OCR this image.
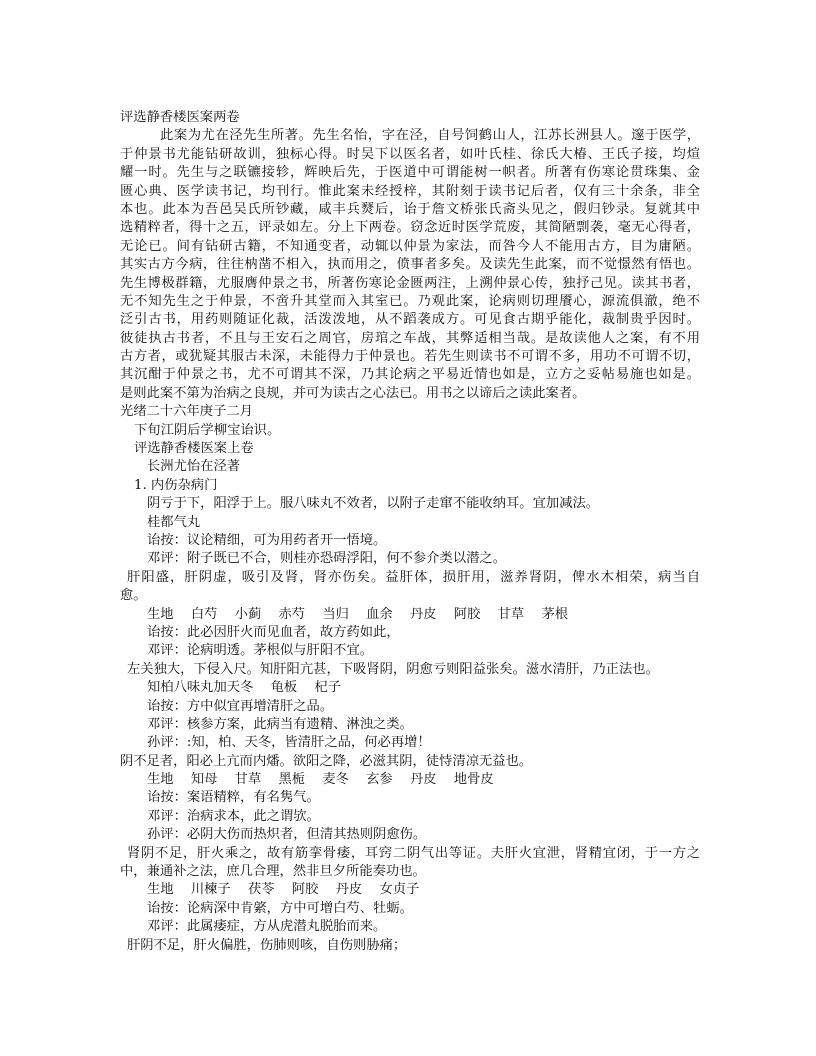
评选静香楼医案两卷
此案为尤在泾先生所著。先生名怡，字在泾，自号饲鹤山人，江苏长洲县人。邃于医学，
于仲景书尤能钻研故训，独标心得。时吴下以医名者，如叶氏桂、徐氏大椿、王氏子接，均煊
耀一时。先生与之联镳接轸，辉映后先，于医道中可谓能树一帜者。所著有伤寒论贯珠集、金
匮心典、医学读书记，均刊行。惟此案未经授梓，其附刻于读书记后者，仅有三十余条，非全
本也。此本为吾邑吴氏所钞藏，咸丰兵燹后，诒于詹文桥张氏斋头见之，假归钞录。复就其中
选精粹者，得十之五，评录如左。分上下两卷。窃念近时医学荒废，其简陋剽袭，毫无心得者，
无论已。间有钻研古籍，不知通变者，动辄以仲景为家法，而咎今人不能用古方，目为庸陋。
其实古方今病，往往枘凿不相入，执而用之，偾事者多矣。及读先生此案，而不觉憬然有悟也。
先生博极群籍，尤服膺仲景之书，所著伤寒论金匮两注，上溯仲景心传，独抒己见。读其书者，
无不知先生之于仲景，不啻升其堂而入其室已。乃观此案，论病则切理餍心，源流俱澈，绝不
泛引古书，用药则随证化裁，活泼泼地，从不蹈袭成方。可见食古期乎能化，裁制贵乎因时。
彼徒执古书者，不且与王安石之周官，房琯之车战，其弊适相当哉。是故读他人之案，有不用
古方者，或犹疑其服古未深，未能得力于仲景也。若先生则读书不可谓不多，用功不可谓不切，
其沉酣于仲景之书，尤不可谓其不深，乃其论病之平易近情也如是，立方之妥帖易施也如是。
是则此案不第为治病之良规，并可为读古之心法已。用书之以谛后之读此案者。
光绪二十六年庚子二月
下旬江阴后学柳宝诒识。
评选静香楼医案上卷
长洲尤怡在泾著
1. 内伤杂病门
阴亏于下，阳浮于上。服八味丸不效者，以附子走窜不能收纳耳。宜加减法。
桂都气丸
诒按：议论精细，可为用药者开一悟境。
邓评：附子既已不合，则桂亦恐碍浮阳，何不参介类以潜之。
肝阳盛，肝阴虚，吸引及肾，肾亦伤矣。益肝体，损肝用，滋养肾阴，俾水木相荣，病当自
愈。
生地 白芍 小蓟 赤芍 当归 血余 丹皮 阿胶 甘草 茅根
诒按：此必因肝火而见血者，故方药如此，
邓评：论病明透。茅根似与肝阳不宜。
左关独大，下侵入尺。知肝阳亢甚，下吸肾阴，阴愈亏则阳益张矣。滋水清肝，乃正法也。
知柏八味丸加天冬 龟板 杞子
诒按：方中似宜再增清肝之品。
邓评：核参方案，此病当有遗精、淋浊之类。
孙评：:知，柏、天冬，皆清肝之品，何必再增！
阴不足者，阳必上亢而内燔。欲阳之降，必滋其阴，徒恃清凉无益也。
生地 知母 甘草 黑栀 麦冬 玄参 丹皮 地骨皮
诒按：案语精粹，有名隽气。
邓评：治病求本，此之谓欤。
孙评：必阴大伤而热炽者，但清其热则阴愈伤。
肾阴不足，肝火乘之，故有筋挛骨痿，耳窍二阴气出等证。夫肝火宜泄，肾精宜闭，于一方之
中，兼通补之法，庶几合理，然非旦夕所能奏功也。
生地 川楝子 茯苓 阿胶 丹皮 女贞子
诒按：论病深中肯綮，方中可增白芍、牡蛎。
邓评：此属痿症，方从虎潜丸脱胎而来。
肝阴不足，肝火偏胜，伤肺则咳，自伤则胁痛；
